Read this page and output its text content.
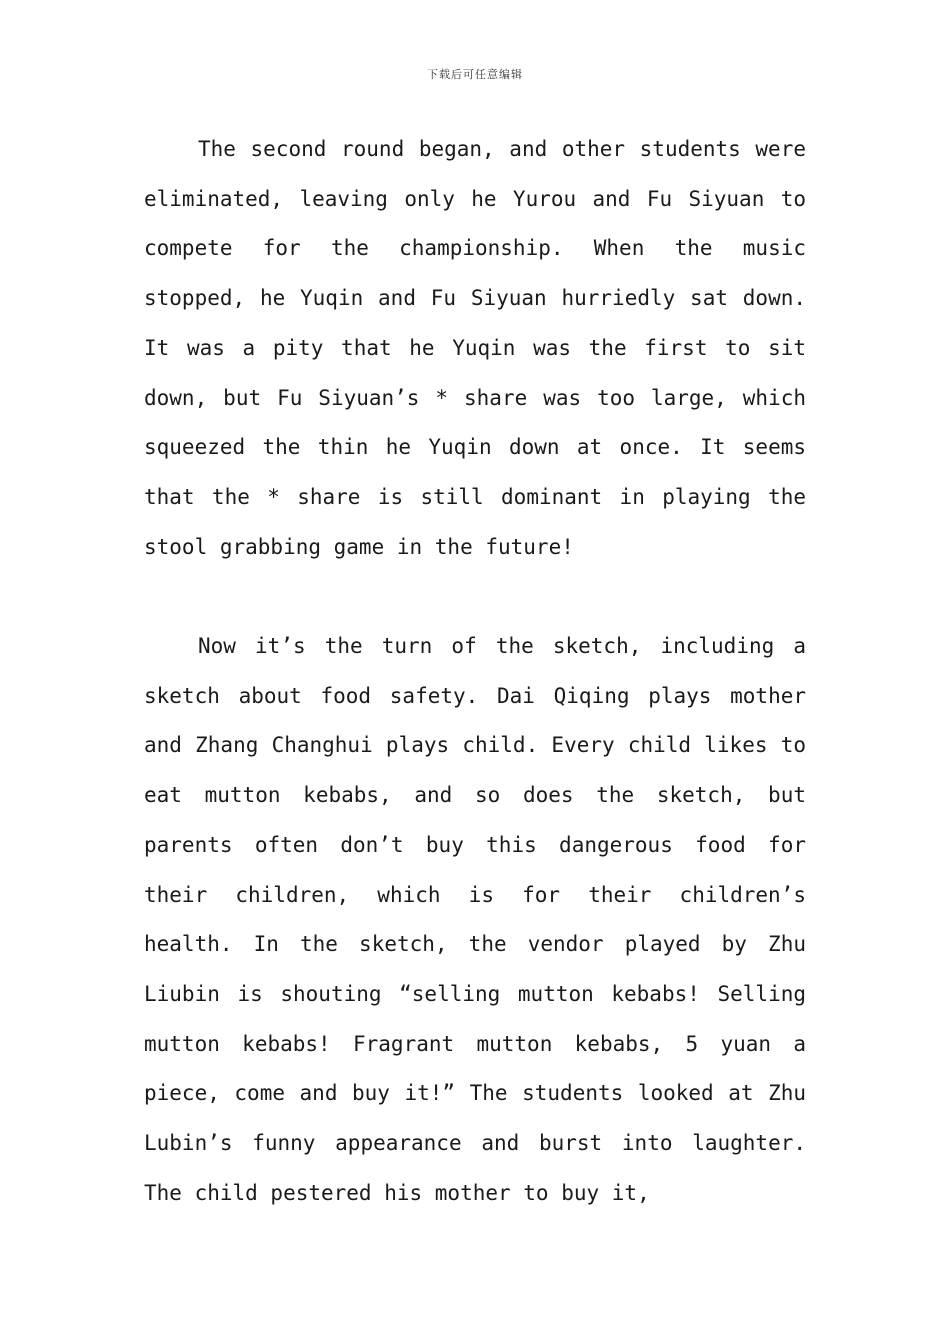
下载后可任意编辑

The second round began, and other students were eliminated, leaving only he Yurou and Fu Siyuan to compete for the championship. When the music stopped, he Yuqin and Fu Siyuan hurriedly sat down. It was a pity that he Yuqin was the first to sit down, but Fu Siyuan’s * share was too large, which squeezed the thin he Yuqin down at once. It seems that the * share is still dominant in playing the stool grabbing game in the future!

Now it’s the turn of the sketch, including a sketch about food safety. Dai Qiqing plays mother and Zhang Changhui plays child. Every child likes to eat mutton kebabs, and so does the sketch, but parents often don’t buy this dangerous food for their children, which is for their children’s health. In the sketch, the vendor played by Zhu Liubin is shouting “selling mutton kebabs! Selling mutton kebabs! Fragrant mutton kebabs, 5 yuan a piece, come and buy it!” The students looked at Zhu Lubin’s funny appearance and burst into laughter. The child pestered his mother to buy it,
